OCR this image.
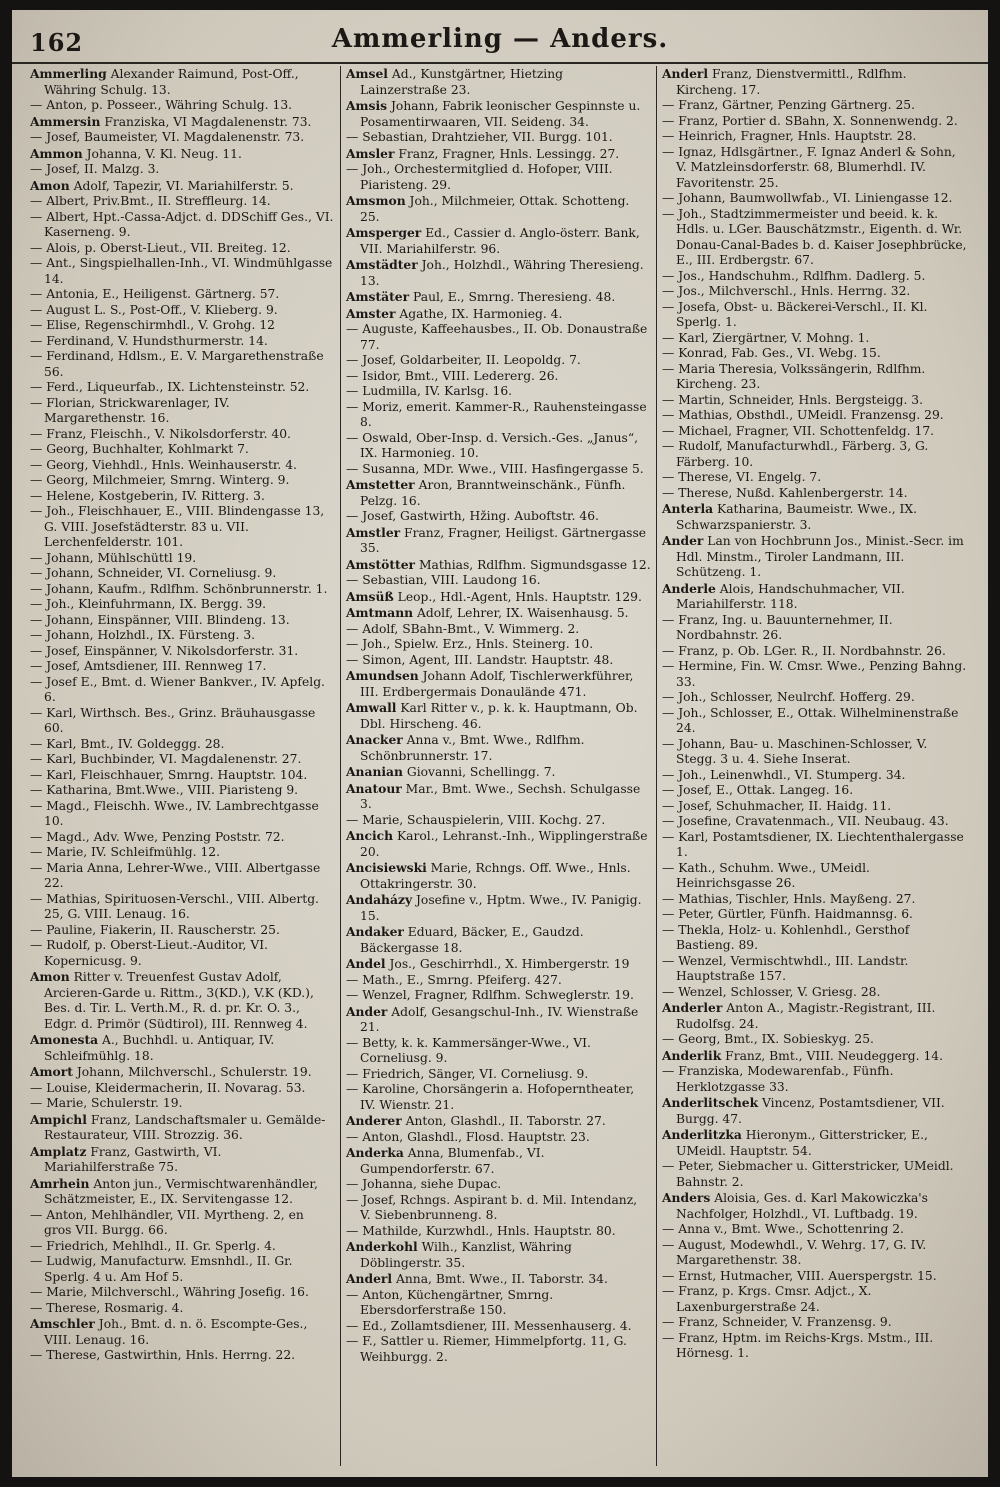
162	Ammerling — Anders.

Ammerling Alexander Raimund, Post-Off., Währing Schulg. 13.

— Anton, p. Posseer., Währing Schulg. 13.

Ammersin Franziska, VI Magdalenenstr. 73.

— Josef, Baumeister, VI. Magdalenenstr. 73.

Ammon Johanna, V. Kl. Neug. 11.

— Josef, II. Malzg. 3.

Amon Adolf, Tapezir, VI. Mariahilferstr. 5.

— Albert, Priv.Bmt., II. Streffleurg. 14.

— Albert, Hpt.-Cassa-Adjct. d. DDSchiff Ges., VI. Kaserneng. 9.

— Alois, p. Oberst-Lieut., VII. Breiteg. 12.

— Ant., Singspielhallen-Inh., VI. Windmühlgasse 14.

— Antonia, E., Heiligenst. Gärtnerg. 57.

— August L. S., Post-Off., V. Klieberg. 9.

— Elise, Regenschirmhdl., V. Grohg. 12

— Ferdinand, V. Hundsthurmerstr. 14.

— Ferdinand, Hdlsm., E. V. Margarethenstraße 56.

— Ferd., Liqueurfab., IX. Lichtensteinstr. 52.

— Florian, Strickwarenlager, IV. Margarethenstr. 16.

— Franz, Fleischh., V. Nikolsdorferstr. 40.

— Georg, Buchhalter, Kohlmarkt 7.

— Georg, Viehhdl., Hnls. Weinhauserstr. 4.

— Georg, Milchmeier, Smrng. Winterg. 9.

— Helene, Kostgeberin, IV. Ritterg. 3.

— Joh., Fleischhauer, E., VIII. Blindengasse 13, G. VIII. Josefstädterstr. 83 u. VII. Lerchenfelderstr. 101.

— Johann, Mühlschüttl 19.

— Johann, Schneider, VI. Corneliusg. 9.

— Johann, Kaufm., Rdlfhm. Schönbrunnerstr. 1.

— Joh., Kleinfuhrmann, IX. Bergg. 39.

— Johann, Einspänner, VIII. Blindeng. 13.

— Johann, Holzhdl., IX. Fürsteng. 3.

— Josef, Einspänner, V. Nikolsdorferstr. 31.

— Josef, Amtsdiener, III. Rennweg 17.

— Josef E., Bmt. d. Wiener Bankver., IV. Apfelg. 6.

— Karl, Wirthsch. Bes., Grinz. Bräuhausgasse 60.

— Karl, Bmt., IV. Goldeggg. 28.

— Karl, Buchbinder, VI. Magdalenenstr. 27.

— Karl, Fleischhauer, Smrng. Hauptstr. 104.

— Katharina, Bmt.Wwe., VIII. Piaristeng 9.

— Magd., Fleischh. Wwe., IV. Lambrechtgasse 10.

— Magd., Adv. Wwe, Penzing Poststr. 72.

— Marie, IV. Schleifmühlg. 12.

— Maria Anna, Lehrer-Wwe., VIII. Albertgasse 22.

— Mathias, Spirituosen-Verschl., VIII. Albertg. 25, G. VIII. Lenaug. 16.

— Pauline, Fiakerin, II. Rauscherstr. 25.

— Rudolf, p. Oberst-Lieut.-Auditor, VI. Kopernicusg. 9.

Amon Ritter v. Treuenfest Gustav Adolf, Arcieren-Garde u. Rittm., 3(KD.), V.K (KD.), Bes. d. Tir. L. Verth.M., R. d. pr. Kr. O. 3., Edgr. d. Primör (Südtirol), III. Rennweg 4.

Amonesta A., Buchhdl. u. Antiquar, IV. Schleifmühlg. 18.

Amort Johann, Milchverschl., Schulerstr. 19.

— Louise, Kleidermacherin, II. Novarag. 53.

— Marie, Schulerstr. 19.

Ampichl Franz, Landschaftsmaler u. Gemälde-Restaurateur, VIII. Strozzig. 36.

Amplatz Franz, Gastwirth, VI. Mariahilferstraße 75.

Amrhein Anton jun., Vermischtwarenhändler, Schätzmeister, E., IX. Servitengasse 12.

— Anton, Mehlhändler, VII. Myrtheng. 2, en gros VII. Burgg. 66.

— Friedrich, Mehlhdl., II. Gr. Sperlg. 4.

— Ludwig, Manufacturw. Emsnhdl., II. Gr. Sperlg. 4 u. Am Hof 5.

— Marie, Milchverschl., Währing Josefig. 16.

— Therese, Rosmarig. 4.

Amschler Joh., Bmt. d. n. ö. Escompte-Ges., VIII. Lenaug. 16.

— Therese, Gastwirthin, Hnls. Herrng. 22.

Amsel Ad., Kunstgärtner, Hietzing Lainzerstraße 23.

Amsis Johann, Fabrik leonischer Gespinnste u. Posamentirwaaren, VII. Seideng. 34.

— Sebastian, Drahtzieher, VII. Burgg. 101.

Amsler Franz, Fragner, Hnls. Lessingg. 27.

— Joh., Orchestermitglied d. Hofoper, VIII. Piaristeng. 29.

Amsmon Joh., Milchmeier, Ottak. Schotteng. 25.

Amsperger Ed., Cassier d. Anglo-österr. Bank, VII. Mariahilferstr. 96.

Amstädter Joh., Holzhdl., Währing Theresieng. 13.

Amstäter Paul, E., Smrng. Theresieng. 48.

Amster Agathe, IX. Harmonieg. 4.

— Auguste, Kaffeehausbes., II. Ob. Donaustraße 77.

— Josef, Goldarbeiter, II. Leopoldg. 7.

— Isidor, Bmt., VIII. Ledererg. 26.

— Ludmilla, IV. Karlsg. 16.

— Moriz, emerit. Kammer-R., Rauhensteingasse 8.

— Oswald, Ober-Insp. d. Versich.-Ges. „Janus“, IX. Harmonieg. 10.

— Susanna, MDr. Wwe., VIII. Hasfingergasse 5.

Amstetter Aron, Branntweinschänk., Fünfh. Pelzg. 16.

— Josef, Gastwirth, Hžing. Auboftstr. 46.

Amstler Franz, Fragner, Heiligst. Gärtnergasse 35.

Amstötter Mathias, Rdlfhm. Sigmundsgasse 12.

— Sebastian, VIII. Laudong 16.

Amsüß Leop., Hdl.-Agent, Hnls. Hauptstr. 129.

Amtmann Adolf, Lehrer, IX. Waisenhausg. 5.

— Adolf, SBahn-Bmt., V. Wimmerg. 2.

— Joh., Spielw. Erz., Hnls. Steinerg. 10.

— Simon, Agent, III. Landstr. Hauptstr. 48.

Amundsen Johann Adolf, Tischlerwerkführer, III. Erdbergermais Donaulände 471.

Amwall Karl Ritter v., p. k. k. Hauptmann, Ob. Dbl. Hirscheng. 46.

Anacker Anna v., Bmt. Wwe., Rdlfhm. Schönbrunnerstr. 17.

Ananian Giovanni, Schellingg. 7.

Anatour Mar., Bmt. Wwe., Sechsh. Schulgasse 3.

— Marie, Schauspielerin, VIII. Kochg. 27.

Ancich Karol., Lehranst.-Inh., Wipplingerstraße 20.

Ancisiewski Marie, Rchngs. Off. Wwe., Hnls. Ottakringerstr. 30.

Andaházy Josefine v., Hptm. Wwe., IV. Panigig. 15.

Andaker Eduard, Bäcker, E., Gaudzd. Bäckergasse 18.

Andel Jos., Geschirrhdl., X. Himbergerstr. 19

— Math., E., Smrng. Pfeiferg. 427.

— Wenzel, Fragner, Rdlfhm. Schweglerstr. 19.

Ander Adolf, Gesangschul-Inh., IV. Wienstraße 21.

— Betty, k. k. Kammersänger-Wwe., VI. Corneliusg. 9.

— Friedrich, Sänger, VI. Corneliusg. 9.

— Karoline, Chorsängerin a. Hofoperntheater, IV. Wienstr. 21.

Anderer Anton, Glashdl., II. Taborstr. 27.

— Anton, Glashdl., Flosd. Hauptstr. 23.

Anderka Anna, Blumenfab., VI. Gumpendorferstr. 67.

— Johanna, siehe Dupac.

— Josef, Rchngs. Aspirant b. d. Mil. Intendanz, V. Siebenbrunneng. 8.

— Mathilde, Kurzwhdl., Hnls. Hauptstr. 80.

Anderkohl Wilh., Kanzlist, Währing Döblingerstr. 35.

Anderl Anna, Bmt. Wwe., II. Taborstr. 34.

— Anton, Küchengärtner, Smrng. Ebersdorferstraße 150.

— Ed., Zollamtsdiener, III. Messenhauserg. 4.

— F., Sattler u. Riemer, Himmelpfortg. 11, G. Weihburgg. 2.

Anderl Franz, Dienstvermittl., Rdlfhm. Kircheng. 17.

— Franz, Gärtner, Penzing Gärtnerg. 25.

— Franz, Portier d. SBahn, X. Sonnenwendg. 2.

— Heinrich, Fragner, Hnls. Hauptstr. 28.

— Ignaz, Hdlsgärtner., F. Ignaz Anderl & Sohn, V. Matzleinsdorferstr. 68, Blumerhdl. IV. Favoritenstr. 25.

— Johann, Baumwollwfab., VI. Liniengasse 12.

— Joh., Stadtzimmermeister und beeid. k. k. Hdls. u. LGer. Bauschätzmstr., Eigenth. d. Wr. Donau-Canal-Bades b. d. Kaiser Josephbrücke, E., III. Erdbergstr. 67.

— Jos., Handschuhm., Rdlfhm. Dadlerg. 5.

— Jos., Milchverschl., Hnls. Herrng. 32.

— Josefa, Obst- u. Bäckerei-Verschl., II. Kl. Sperlg. 1.

— Karl, Ziergärtner, V. Mohng. 1.

— Konrad, Fab. Ges., VI. Webg. 15.

— Maria Theresia, Volkssängerin, Rdlfhm. Kircheng. 23.

— Martin, Schneider, Hnls. Bergsteigg. 3.

— Mathias, Obsthdl., UMeidl. Franzensg. 29.

— Michael, Fragner, VII. Schottenfeldg. 17.

— Rudolf, Manufacturwhdl., Färberg. 3, G. Färberg. 10.

— Therese, VI. Engelg. 7.

— Therese, Nußd. Kahlenbergerstr. 14.

Anterla Katharina, Baumeistr. Wwe., IX. Schwarzspanierstr. 3.

Ander Lan von Hochbrunn Jos., Minist.-Secr. im Hdl. Minstm., Tiroler Landmann, III. Schützeng. 1.

Anderle Alois, Handschuhmacher, VII. Mariahilferstr. 118.

— Franz, Ing. u. Bauunternehmer, II. Nordbahnstr. 26.

— Franz, p. Ob. LGer. R., II. Nordbahnstr. 26.

— Hermine, Fin. W. Cmsr. Wwe., Penzing Bahng. 33.

— Joh., Schlosser, Neulrchf. Hofferg. 29.

— Joh., Schlosser, E., Ottak. Wilhelminenstraße 24.

— Johann, Bau- u. Maschinen-Schlosser, V. Stegg. 3 u. 4. Siehe Inserat.

— Joh., Leinenwhdl., VI. Stumperg. 34.

— Josef, E., Ottak. Langeg. 16.

— Josef, Schuhmacher, II. Haidg. 11.

— Josefine, Cravatenmach., VII. Neubaug. 43.

— Karl, Postamtsdiener, IX. Liechtenthalergasse 1.

— Kath., Schuhm. Wwe., UMeidl. Heinrichsgasse 26.

— Mathias, Tischler, Hnls. Mayßeng. 27.

— Peter, Gürtler, Fünfh. Haidmannsg. 6.

— Thekla, Holz- u. Kohlenhdl., Gersthof Bastieng. 89.

— Wenzel, Vermischtwhdl., III. Landstr. Hauptstraße 157.

— Wenzel, Schlosser, V. Griesg. 28.

Anderler Anton A., Magistr.-Registrant, III. Rudolfsg. 24.

— Georg, Bmt., IX. Sobieskyg. 25.

Anderlik Franz, Bmt., VIII. Neudeggerg. 14.

— Franziska, Modewarenfab., Fünfh. Herklotzgasse 33.

Anderlitschek Vincenz, Postamtsdiener, VII. Burgg. 47.

Anderlitzka Hieronym., Gitterstricker, E., UMeidl. Hauptstr. 54.

— Peter, Siebmacher u. Gitterstricker, UMeidl. Bahnstr. 2.

Anders Aloisia, Ges. d. Karl Makowiczka's Nachfolger, Holzhdl., VI. Luftbadg. 19.

— Anna v., Bmt. Wwe., Schottenring 2.

— August, Modewhdl., V. Wehrg. 17, G. IV. Margarethenstr. 38.

— Ernst, Hutmacher, VIII. Auerspergstr. 15.

— Franz, p. Krgs. Cmsr. Adjct., X. Laxenburgerstraße 24.

— Franz, Schneider, V. Franzensg. 9.

— Franz, Hptm. im Reichs-Krgs. Mstm., III. Hörnesg. 1.
